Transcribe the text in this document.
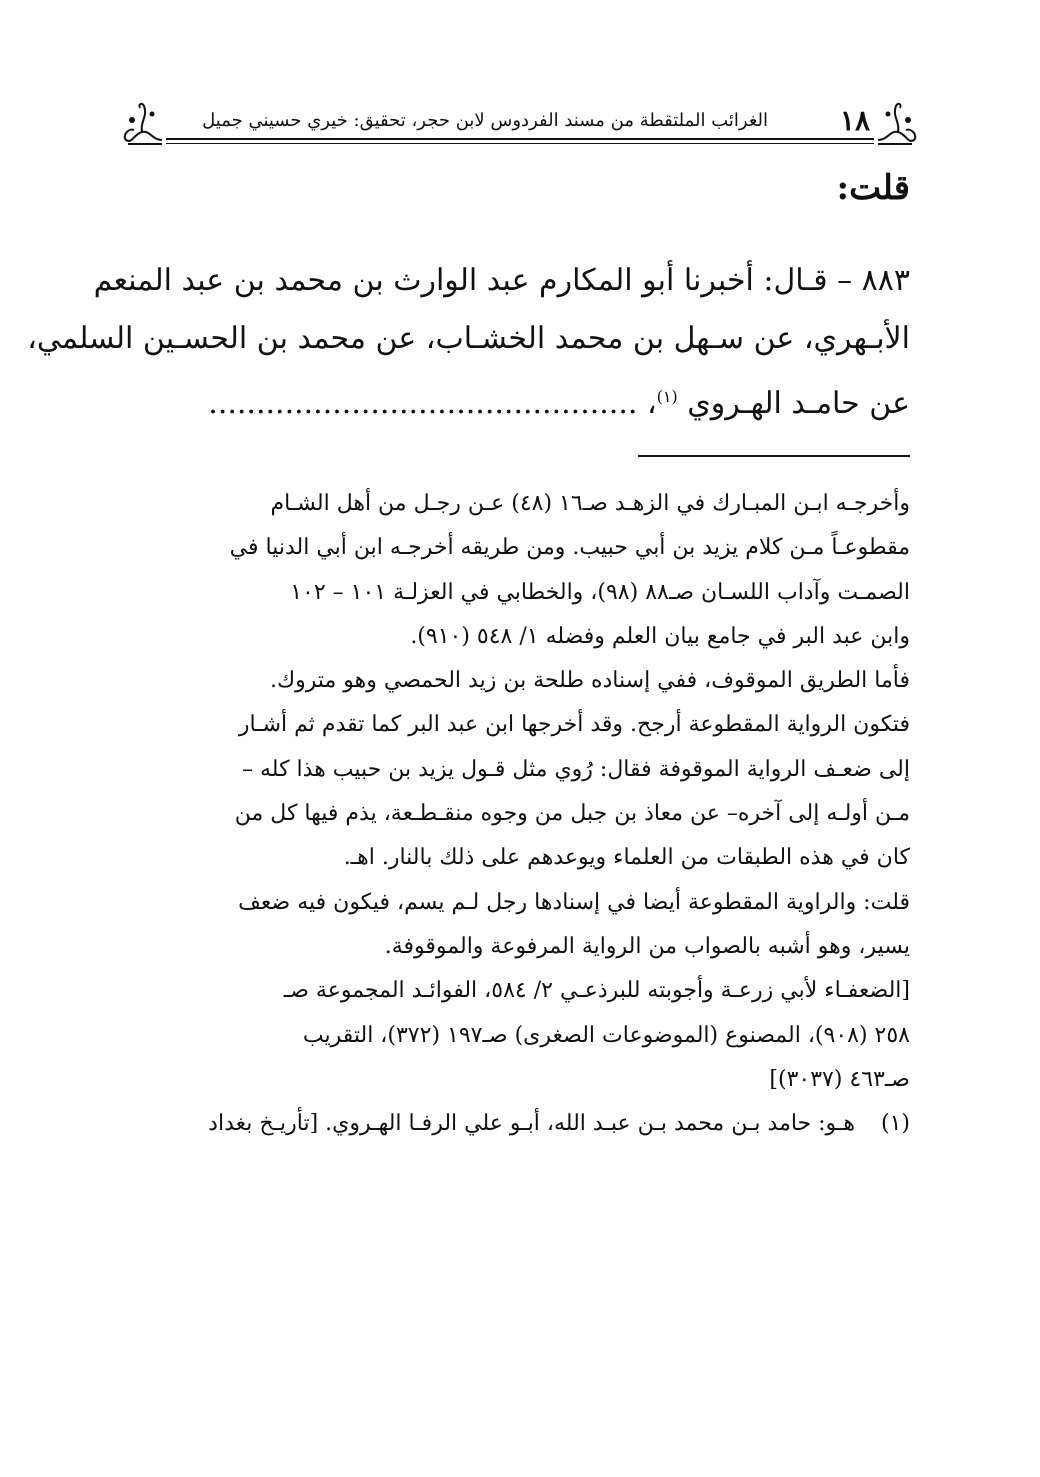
الغرائب الملتقطة من مسند الفردوس لابن حجر، تحقيق: خيري حسيني جميل	١٨
قلت:
٨٨٣ – قـال: أخبرنا أبو المكارم عبد الوارث بن محمد بن عبد المنعم
الأبـهري، عن سـهل بن محمد الخشـاب، عن محمد بن الحسـين السلمي،
عن حامـد الهـروي $^{(١)}$، .............................................
وأخرجـه ابـن المبـارك في الزهـد صـ١٦ (٤٨) عـن رجـل من أهل الشـام
مقطوعـاً مـن كلام يزيد بن أبي حبيب. ومن طريقه أخرجـه ابن أبي الدنيا في
الصمـت وآداب اللسـان صـ٨٨ (٩٨)، والخطابي في العزلـة ١٠١ – ١٠٢
وابن عبد البر في جامع بيان العلم وفضله ١/ ٥٤٨ (٩١٠).
فأما الطريق الموقوف، ففي إسناده طلحة بن زيد الحمصي وهو متروك.
فتكون الرواية المقطوعة أرجح. وقد أخرجها ابن عبد البر كما تقدم ثم أشـار
إلى ضعـف الرواية الموقوفة فقال: رُوي مثل قـول يزيد بن حبيب هذا كله –
مـن أولـه إلى آخره– عن معاذ بن جبل من وجوه منقـطـعة، يذم فيها كل من
كان في هذه الطبقات من العلماء ويوعدهم على ذلك بالنار. اهـ.
قلت: والراوية المقطوعة أيضا في إسنادها رجل لـم يسم، فيكون فيه ضعف
يسير، وهو أشبه بالصواب من الرواية المرفوعة والموقوفة.
[الضعفـاء لأبي زرعـة وأجوبته للبرذعـي ٢/ ٥٨٤، الفوائـد المجموعة صـ
٢٥٨ (٩٠٨)، المصنوع (الموضوعات الصغرى) صـ١٩٧ (٣٧٢)، التقريب
صـ٤٦٣ (٣٠٣٧)]
(١)هـو: حامد بـن محمد بـن عبـد الله، أبـو علي الرفـا الهـروي. [تأريـخ بغداد
